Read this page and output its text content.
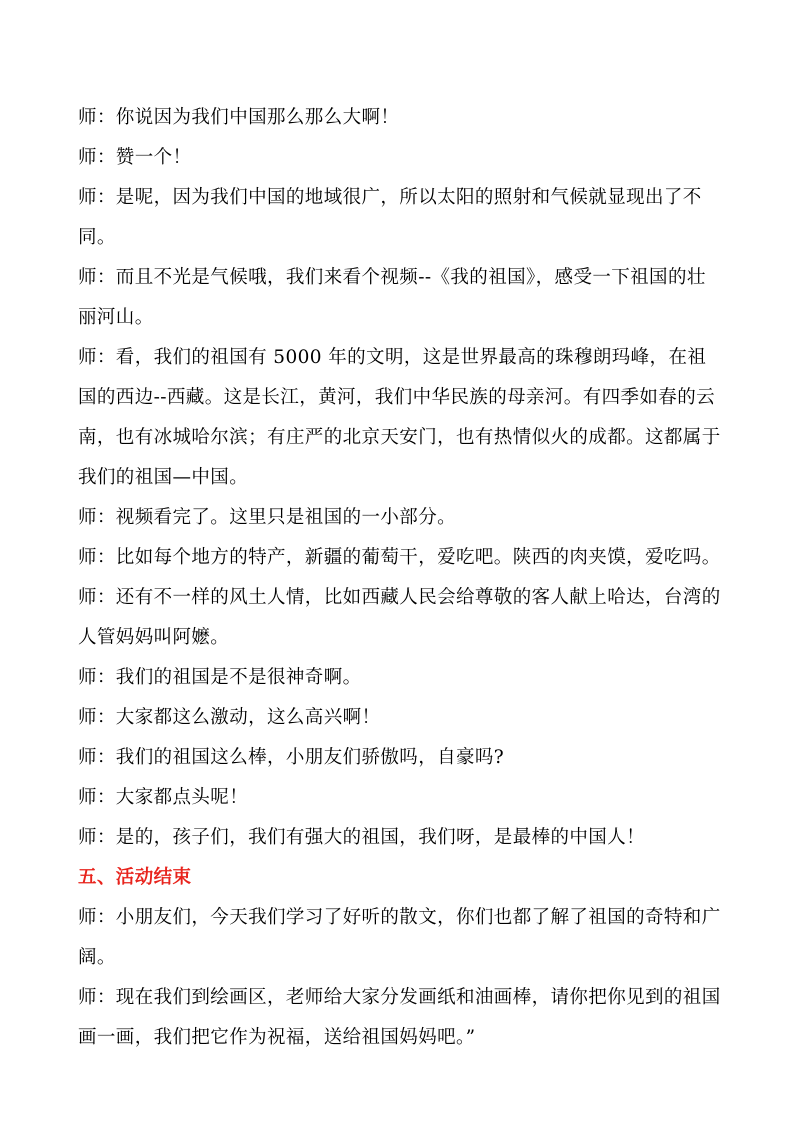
师：你说因为我们中国那么那么大啊！

师：赞一个！

师：是呢，因为我们中国的地域很广，所以太阳的照射和气候就显现出了不同。

师：而且不光是气候哦，我们来看个视频--《我的祖国》，感受一下祖国的壮丽河山。

师：看，我们的祖国有 5000 年的文明，这是世界最高的珠穆朗玛峰，在祖国的西边--西藏。这是长江，黄河，我们中华民族的母亲河。有四季如春的云南，也有冰城哈尔滨；有庄严的北京天安门，也有热情似火的成都。这都属于我们的祖国—中国。

师：视频看完了。这里只是祖国的一小部分。

师：比如每个地方的特产，新疆的葡萄干，爱吃吧。陕西的肉夹馍，爱吃吗。

师：还有不一样的风土人情，比如西藏人民会给尊敬的客人献上哈达，台湾的人管妈妈叫阿嬷。

师：我们的祖国是不是很神奇啊。

师：大家都这么激动，这么高兴啊！

师：我们的祖国这么棒，小朋友们骄傲吗，自豪吗?

师：大家都点头呢！

师：是的，孩子们，我们有强大的祖国，我们呀，是最棒的中国人！

五、活动结束

师：小朋友们，今天我们学习了好听的散文，你们也都了解了祖国的奇特和广阔。

师：现在我们到绘画区，老师给大家分发画纸和油画棒，请你把你见到的祖国画一画，我们把它作为祝福，送给祖国妈妈吧。”
